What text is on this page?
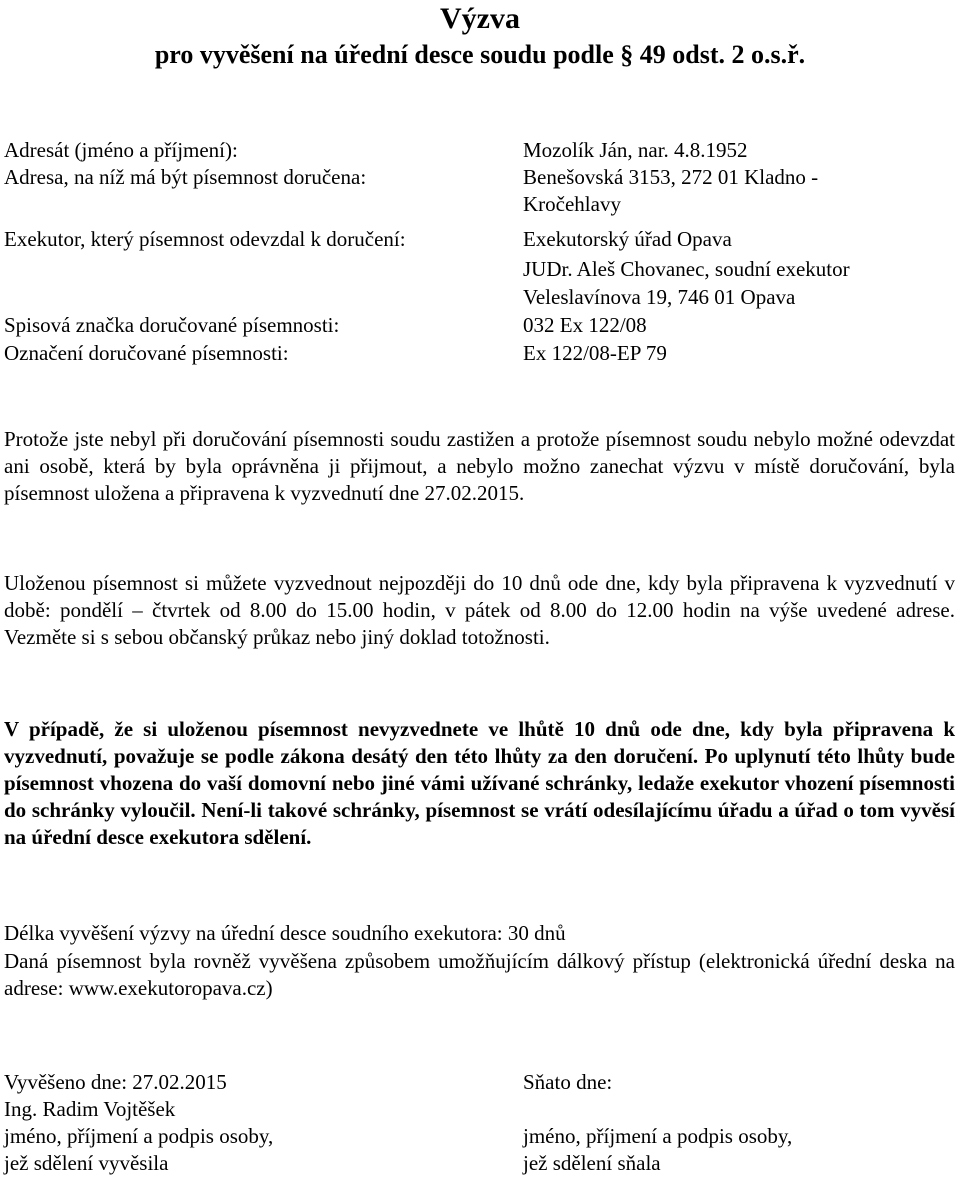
Výzva
pro vyvěšení na úřední desce soudu podle § 49 odst. 2 o.s.ř.
Adresát (jméno a příjmení):	Mozolík Ján, nar. 4.8.1952
Adresa, na níž má být písemnost doručena:	Benešovská 3153, 272 01 Kladno - Kročehlavy
Exekutor, který písemnost odevzdal k doručení:	Exekutorský úřad Opava
JUDr. Aleš Chovanec, soudní exekutor
Veleslavínova 19, 746 01 Opava
Spisová značka doručované písemnosti:	032 Ex 122/08
Označení doručované písemnosti:	Ex 122/08-EP 79
Protože jste nebyl při doručování písemnosti soudu zastižen a protože písemnost soudu nebylo možné odevzdat ani osobě, která by byla oprávněna ji přijmout, a nebylo možno zanechat výzvu v místě doručování, byla písemnost uložena a připravena k vyzvednutí dne 27.02.2015.
Uloženou písemnost si můžete vyzvednout nejpozději do 10 dnů ode dne, kdy byla připravena k vyzvednutí v době: pondělí – čtvrtek od 8.00 do 15.00 hodin, v pátek od 8.00 do 12.00 hodin na výše uvedené adrese. Vezměte si s sebou občanský průkaz nebo jiný doklad totožnosti.
V případě, že si uloženou písemnost nevyzvednete ve lhůtě 10 dnů ode dne, kdy byla připravena k vyzvednutí, považuje se podle zákona desátý den této lhůty za den doručení. Po uplynutí této lhůty bude písemnost vhozena do vaší domovní nebo jiné vámi užívané schránky, ledaže exekutor vhození písemnosti do schránky vyloučil. Není-li takové schránky, písemnost se vrátí odesílajícímu úřadu a úřad o tom vyvěsí na úřední desce exekutora sdělení.
Délka vyvěšení výzvy na úřední desce soudního exekutora: 30 dnů
Daná písemnost byla rovněž vyvěšena způsobem umožňujícím dálkový přístup (elektronická úřední deska na adrese: www.exekutoropava.cz)
Vyvěšeno dne: 27.02.2015
Ing. Radim Vojtěšek
jméno, příjmení a podpis osoby,
jež sdělení vyvěsila
Sňato dne:
jméno, příjmení a podpis osoby,
jež sdělení sňala
